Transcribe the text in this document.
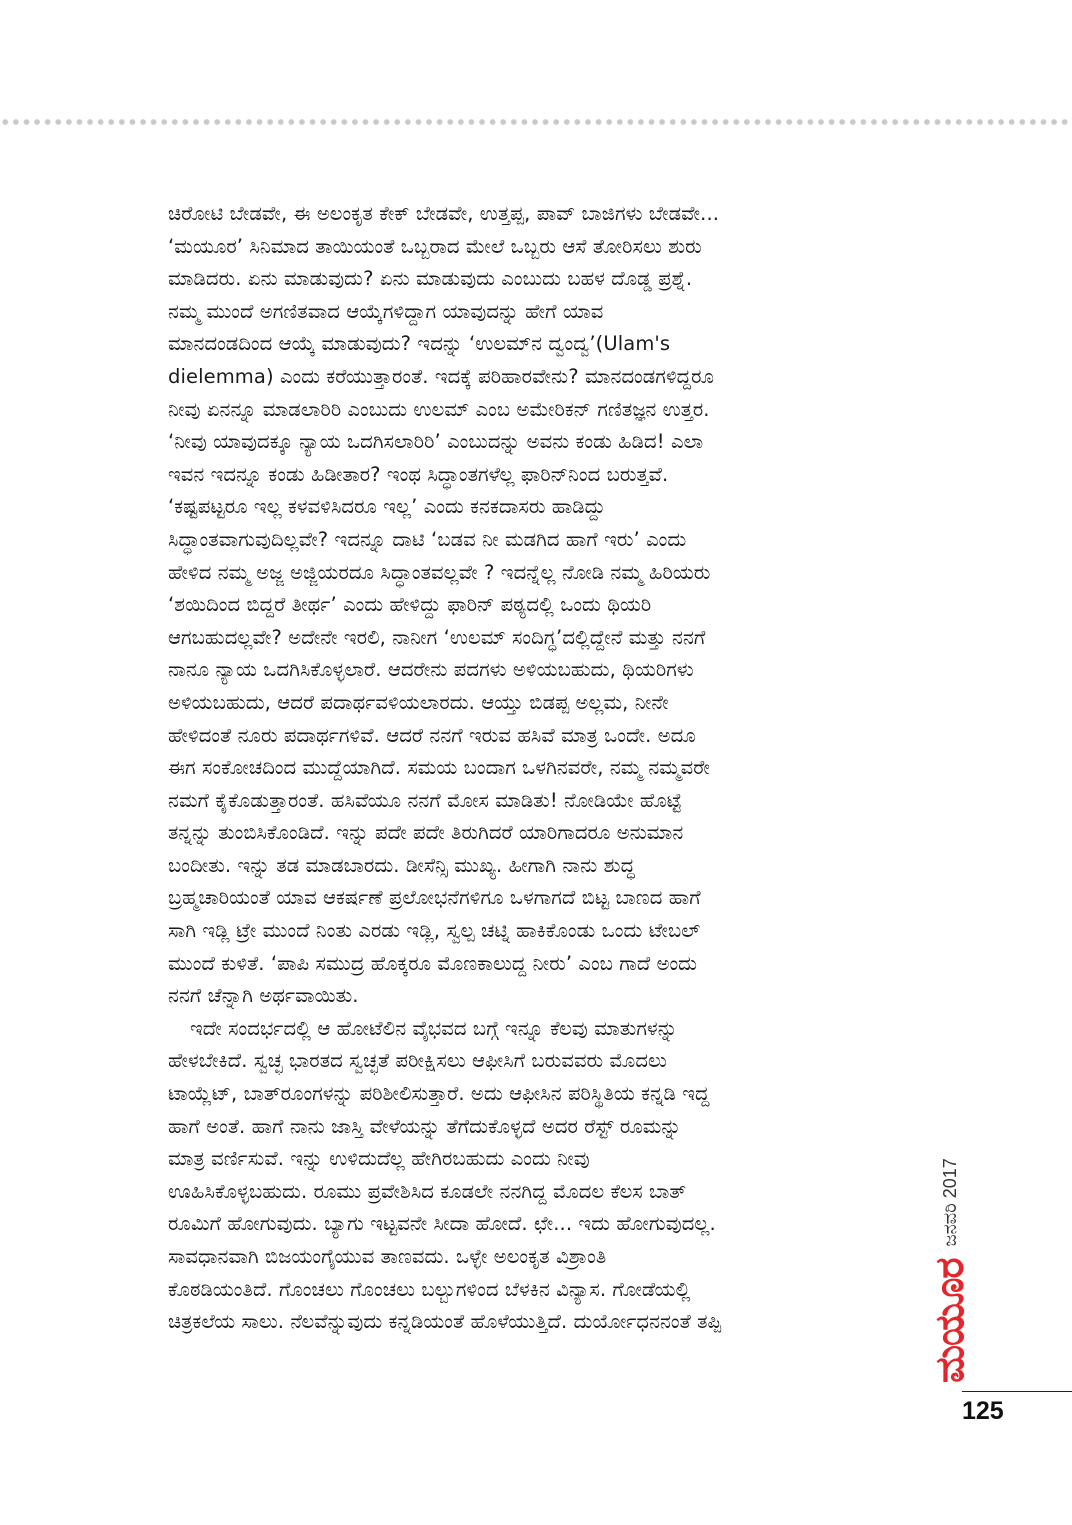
ಚಿರೋಟಿ ಬೇಡವೇ, ಈ ಅಲಂಕೃತ ಕೇಕ್ ಬೇಡವೇ, ಉತ್ತಪ್ಪ, ಪಾವ್ ಬಾಜಿಗಳು ಬೇಡವೇ...
‘ಮಯೂರ’ ಸಿನಿಮಾದ ತಾಯಿಯಂತೆ ಒಬ್ಬರಾದ ಮೇಲೆ ಒಬ್ಬರು ಆಸೆ ತೋರಿಸಲು ಶುರು
ಮಾಡಿದರು. ಏನು ಮಾಡುವುದು? ಏನು ಮಾಡುವುದು ಎಂಬುದು ಬಹಳ ದೊಡ್ಡ ಪ್ರಶ್ನೆ.
ನಮ್ಮ ಮುಂದೆ ಅಗಣಿತವಾದ ಆಯ್ಕೆಗಳಿದ್ದಾಗ ಯಾವುದನ್ನು ಹೇಗೆ ಯಾವ
ಮಾನದಂಡದಿಂದ ಆಯ್ಕೆ ಮಾಡುವುದು? ಇದನ್ನು ‘ಉಲಮ್‌ನ ದ್ವಂದ್ವ’(Ulam's
dielemma) ಎಂದು ಕರೆಯುತ್ತಾರಂತೆ. ಇದಕ್ಕೆ ಪರಿಹಾರವೇನು? ಮಾನದಂಡಗಳಿದ್ದರೂ
ನೀವು ಏನನ್ನೂ ಮಾಡಲಾರಿರಿ ಎಂಬುದು ಉಲಮ್ ಎಂಬ ಅಮೇರಿಕನ್ ಗಣಿತಜ್ಞನ ಉತ್ತರ.
‘ನೀವು ಯಾವುದಕ್ಕೂ ನ್ಯಾಯ ಒದಗಿಸಲಾರಿರಿ’ ಎಂಬುದನ್ನು ಅವನು ಕಂಡು ಹಿಡಿದ! ಎಲಾ
ಇವನ ಇದನ್ನೂ ಕಂಡು ಹಿಡೀತಾರ? ಇಂಥ ಸಿದ್ಧಾಂತಗಳೆಲ್ಲ ಫಾರಿನ್‌ನಿಂದ ಬರುತ್ತವೆ.
‘ಕಷ್ಟಪಟ್ಟರೂ ಇಲ್ಲ ಕಳವಳಿಸಿದರೂ ಇಲ್ಲ’ ಎಂದು ಕನಕದಾಸರು ಹಾಡಿದ್ದು
ಸಿದ್ಧಾಂತವಾಗುವುದಿಲ್ಲವೇ? ಇದನ್ನೂ ದಾಟಿ ‘ಬಡವ ನೀ ಮಡಗಿದ ಹಾಗೆ ಇರು’ ಎಂದು
ಹೇಳಿದ ನಮ್ಮ ಅಜ್ಜ ಅಜ್ಜಿಯರದೂ ಸಿದ್ಧಾಂತವಲ್ಲವೇ ? ಇದನ್ನೆಲ್ಲ ನೋಡಿ ನಮ್ಮ ಹಿರಿಯರು
‘ಶಯಿದಿಂದ ಬಿದ್ದರೆ ತೀರ್ಥ’ ಎಂದು ಹೇಳಿದ್ದು ಫಾರಿನ್ ಪಠ್ಯದಲ್ಲಿ ಒಂದು ಥಿಯರಿ
ಆಗಬಹುದಲ್ಲವೇ? ಅದೇನೇ ಇರಲಿ, ನಾನೀಗ ‘ಉಲಮ್ ಸಂದಿಗ್ಧ’ದಲ್ಲಿದ್ದೇನೆ ಮತ್ತು ನನಗೆ
ನಾನೂ ನ್ಯಾಯ ಒದಗಿಸಿಕೊಳ್ಳಲಾರೆ. ಆದರೇನು ಪದಗಳು ಅಳಿಯಬಹುದು, ಥಿಯರಿಗಳು
ಅಳಿಯಬಹುದು, ಆದರೆ ಪದಾರ್ಥವಳಿಯಲಾರದು. ಆಯ್ತು ಬಿಡಪ್ಪ ಅಲ್ಲಮ, ನೀನೇ
ಹೇಳಿದಂತೆ ನೂರು ಪದಾರ್ಥಗಳಿವೆ. ಆದರೆ ನನಗೆ ಇರುವ ಹಸಿವೆ ಮಾತ್ರ ಒಂದೇ. ಅದೂ
ಈಗ ಸಂಕೋಚದಿಂದ ಮುದ್ದೆಯಾಗಿದೆ. ಸಮಯ ಬಂದಾಗ ಒಳಗಿನವರೇ, ನಮ್ಮ ನಮ್ಮವರೇ
ನಮಗೆ ಕೈಕೊಡುತ್ತಾರಂತೆ. ಹಸಿವೆಯೂ ನನಗೆ ಮೋಸ ಮಾಡಿತು! ನೋಡಿಯೇ ಹೊಟ್ಟೆ
ತನ್ನನ್ನು ತುಂಬಿಸಿಕೊಂಡಿದೆ. ಇನ್ನು ಪದೇ ಪದೇ ತಿರುಗಿದರೆ ಯಾರಿಗಾದರೂ ಅನುಮಾನ
ಬಂದೀತು. ಇನ್ನು ತಡ ಮಾಡಬಾರದು. ಡೀಸೆನ್ಸಿ ಮುಖ್ಯ. ಹೀಗಾಗಿ ನಾನು ಶುದ್ಧ
ಬ್ರಹ್ಮಚಾರಿಯಂತೆ ಯಾವ ಆಕರ್ಷಣೆ ಪ್ರಲೋಭನೆಗಳಿಗೂ ಒಳಗಾಗದೆ ಬಿಟ್ಟ ಬಾಣದ ಹಾಗೆ
ಸಾಗಿ ಇಡ್ಲಿ ಟ್ರೇ ಮುಂದೆ ನಿಂತು ಎರಡು ಇಡ್ಲಿ, ಸ್ವಲ್ಪ ಚಟ್ನಿ ಹಾಕಿಕೊಂಡು ಒಂದು ಟೇಬಲ್
ಮುಂದೆ ಕುಳಿತೆ. ‘ಪಾಪಿ ಸಮುದ್ರ ಹೊಕ್ಕರೂ ಮೊಣಕಾಲುದ್ದ ನೀರು’ ಎಂಬ ಗಾದೆ ಅಂದು
ನನಗೆ ಚೆನ್ನಾಗಿ ಅರ್ಥವಾಯಿತು.
ಇದೇ ಸಂದರ್ಭದಲ್ಲಿ ಆ ಹೋಟೆಲಿನ ವೈಭವದ ಬಗ್ಗೆ ಇನ್ನೂ ಕೆಲವು ಮಾತುಗಳನ್ನು
ಹೇಳಬೇಕಿದೆ. ಸ್ವಚ್ಛ ಭಾರತದ ಸ್ವಚ್ಛತೆ ಪರೀಕ್ಷಿಸಲು ಆಫೀಸಿಗೆ ಬರುವವರು ಮೊದಲು
ಟಾಯ್ಲೆಟ್, ಬಾತ್‌ರೂಂಗಳನ್ನು ಪರಿಶೀಲಿಸುತ್ತಾರೆ. ಅದು ಆಫೀಸಿನ ಪರಿಸ್ಥಿತಿಯ ಕನ್ನಡಿ ಇದ್ದ
ಹಾಗೆ ಅಂತೆ. ಹಾಗೆ ನಾನು ಜಾಸ್ತಿ ವೇಳೆಯನ್ನು ತೆಗೆದುಕೊಳ್ಳದೆ ಅದರ ರೆಸ್ಟ್ ರೂಮನ್ನು
ಮಾತ್ರ ವರ್ಣಿಸುವೆ. ಇನ್ನು ಉಳಿದುದೆಲ್ಲ ಹೇಗಿರಬಹುದು ಎಂದು ನೀವು
ಊಹಿಸಿಕೊಳ್ಳಬಹುದು. ರೂಮು ಪ್ರವೇಶಿಸಿದ ಕೂಡಲೇ ನನಗಿದ್ದ ಮೊದಲ ಕೆಲಸ ಬಾತ್
ರೂಮಿಗೆ ಹೋಗುವುದು. ಬ್ಯಾಗು ಇಟ್ಟವನೇ ಸೀದಾ ಹೋದೆ. ಛೇ... ಇದು ಹೋಗುವುದಲ್ಲ.
ಸಾವಧಾನವಾಗಿ ಬಿಜಯಂಗೈಯುವ ತಾಣವದು. ಒಳ್ಳೇ ಅಲಂಕೃತ ವಿಶ್ರಾಂತಿ
ಕೊಠಡಿಯಂತಿದೆ. ಗೊಂಚಲು ಗೊಂಚಲು ಬಲ್ಬುಗಳಿಂದ ಬೆಳಕಿನ ವಿನ್ಯಾಸ. ಗೋಡೆಯಲ್ಲಿ
ಚಿತ್ರಕಲೆಯ ಸಾಲು. ನೆಲವೆನ್ನುವುದು ಕನ್ನಡಿಯಂತೆ ಹೊಳೆಯುತ್ತಿದೆ. ದುರ್ಯೋಧನನಂತೆ ತಪ್ಪಿ	ಮಯೂರ
ಜನವರಿ 2017
125
